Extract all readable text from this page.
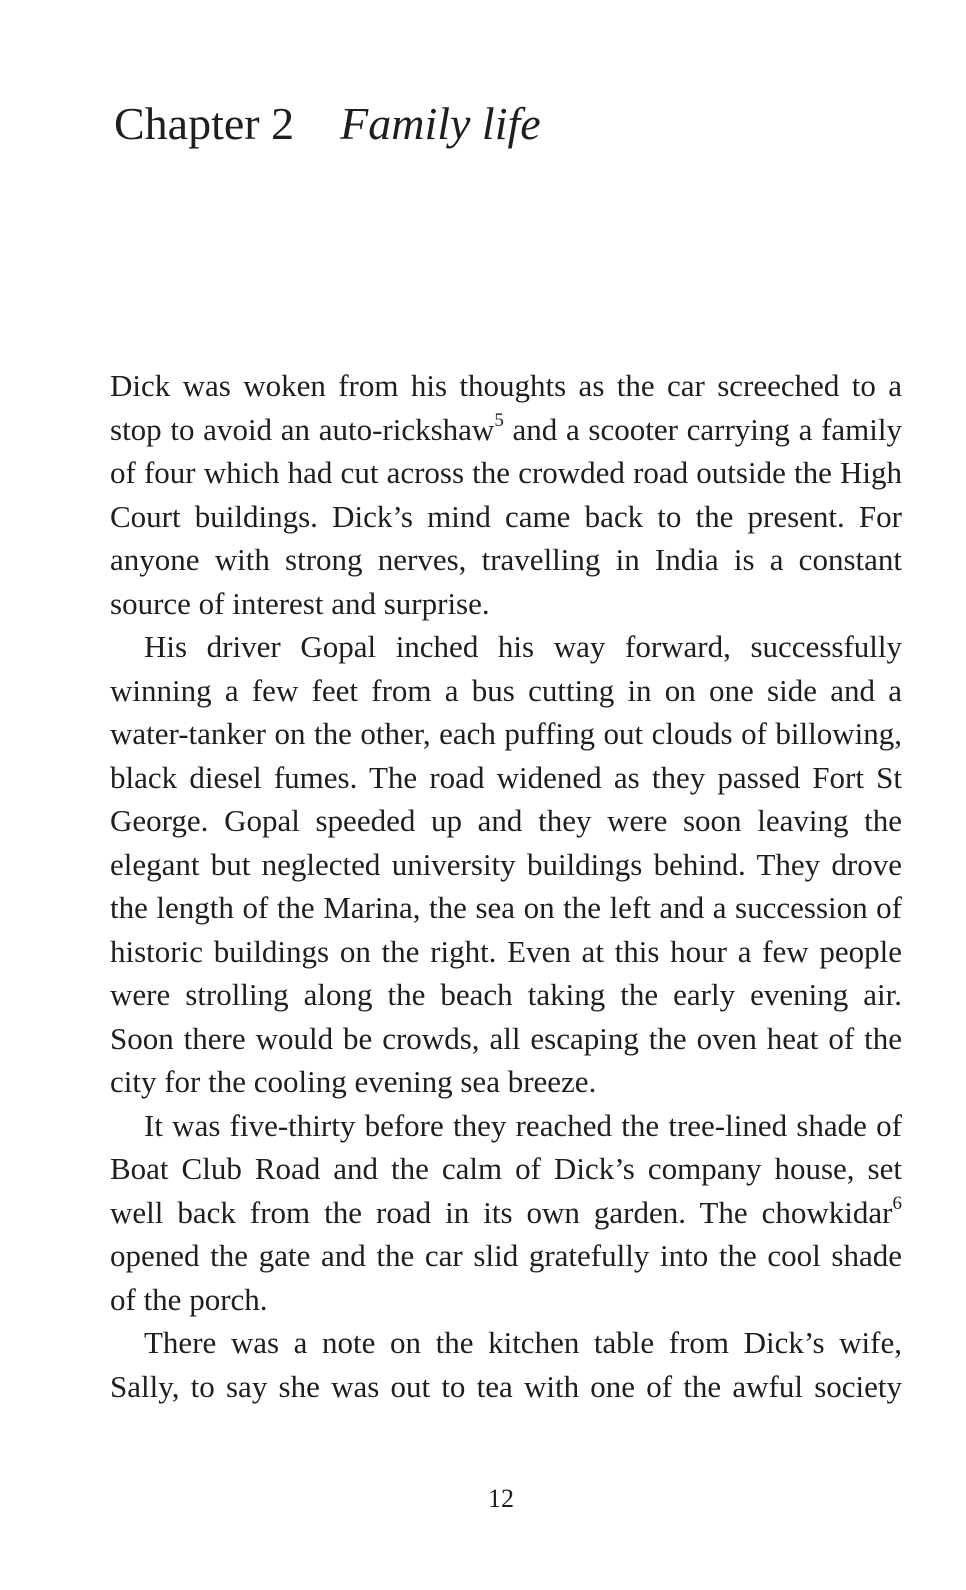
Chapter 2 Family life

Dick was woken from his thoughts as the car screeched to a stop to avoid an auto-rickshaw$^5$ and a scooter carrying a family of four which had cut across the crowded road outside the High Court buildings. Dick’s mind came back to the present. For anyone with strong nerves, travelling in India is a constant source of interest and surprise.

His driver Gopal inched his way forward, successfully winning a few feet from a bus cutting in on one side and a water-tanker on the other, each puffing out clouds of billowing, black diesel fumes. The road widened as they passed Fort St George. Gopal speeded up and they were soon leaving the elegant but neglected university buildings behind. They drove the length of the Marina, the sea on the left and a succession of historic buildings on the right. Even at this hour a few people were strolling along the beach taking the early evening air. Soon there would be crowds, all escaping the oven heat of the city for the cooling evening sea breeze.

It was five-thirty before they reached the tree-lined shade of Boat Club Road and the calm of Dick’s company house, set well back from the road in its own garden. The chowkidar$^6$ opened the gate and the car slid gratefully into the cool shade of the porch.

There was a note on the kitchen table from Dick’s wife, Sally, to say she was out to tea with one of the awful society

12
